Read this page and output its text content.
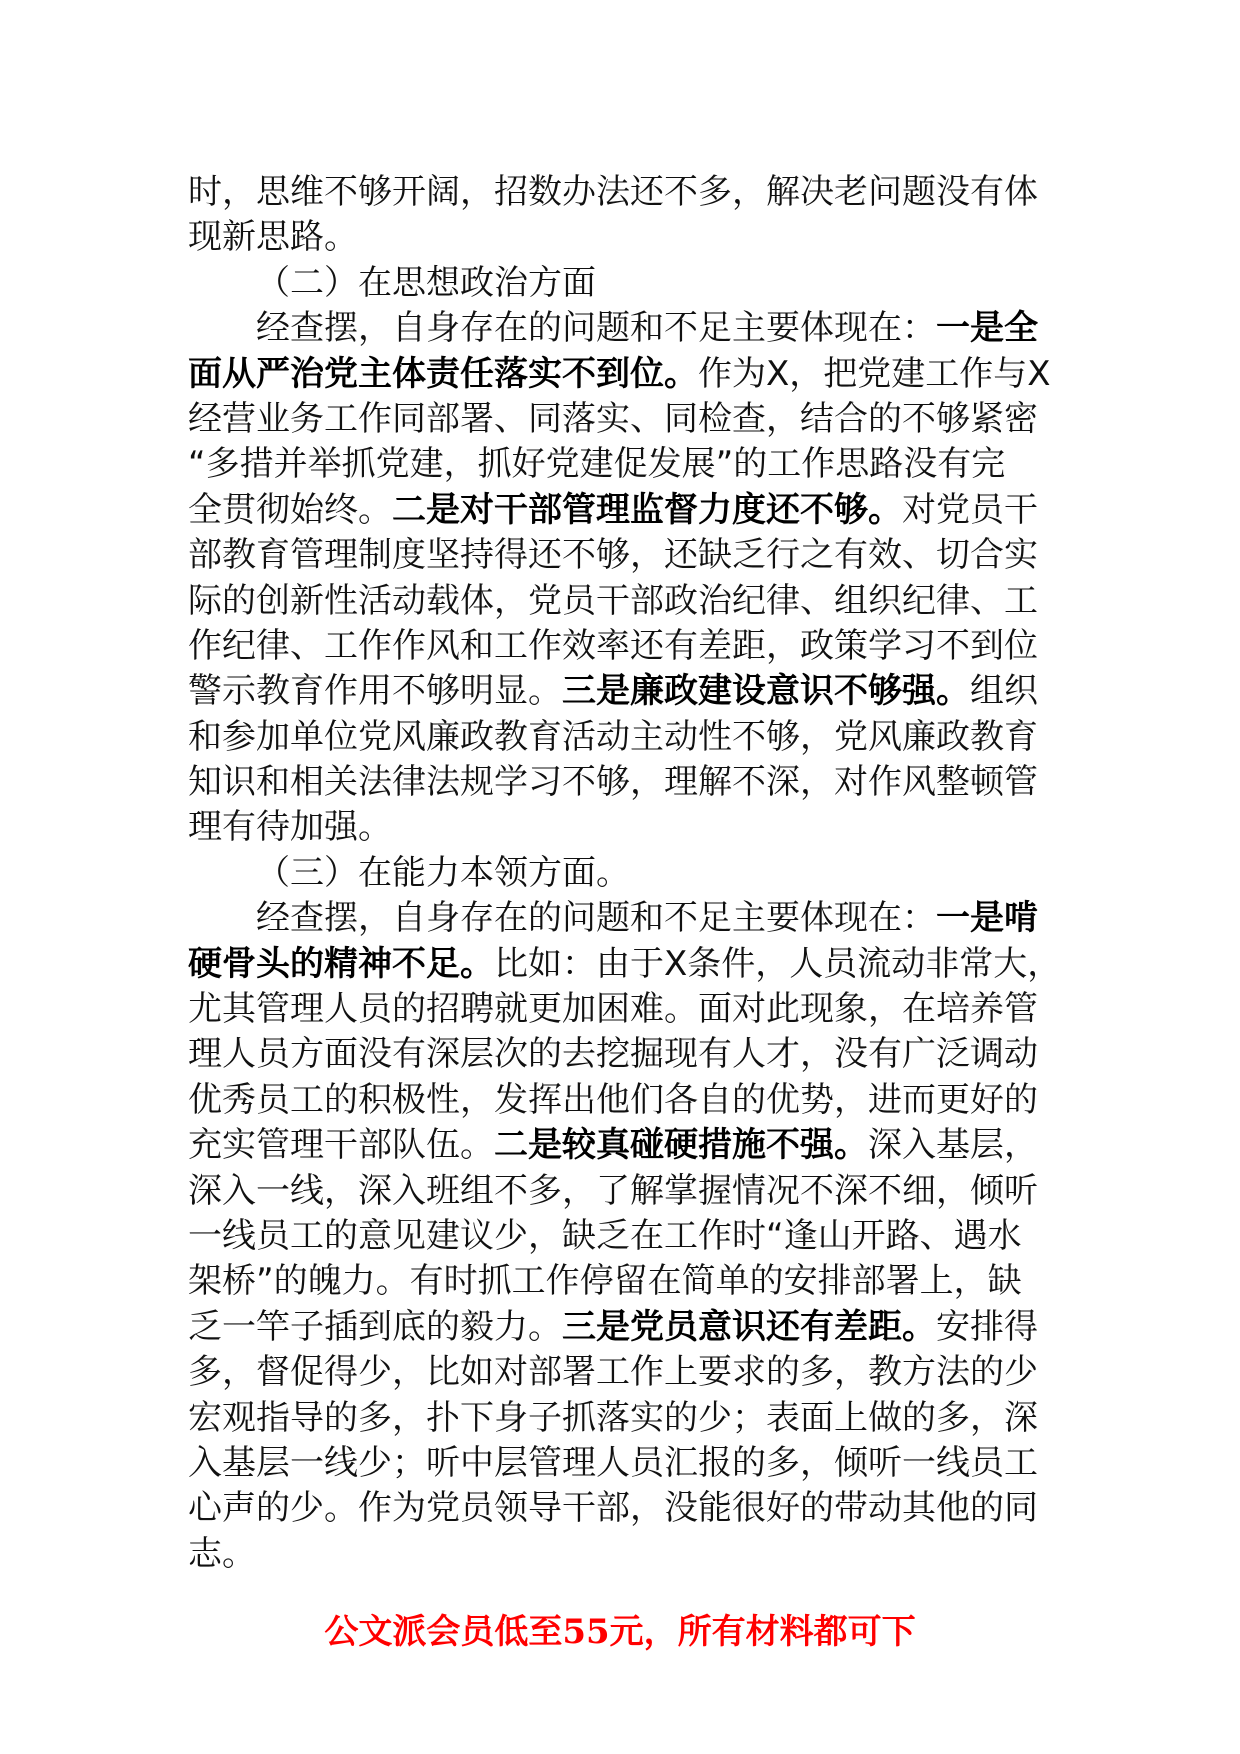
时，思维不够开阔，招数办法还不多，解决老问题没有体
现新思路。
（二）在思想政治方面
经查摆，自身存在的问题和不足主要体现在：一是全
面从严治党主体责任落实不到位。作为X，把党建工作与X
经营业务工作同部署、同落实、同检查，结合的不够紧密
“多措并举抓党建，抓好党建促发展”的工作思路没有完
全贯彻始终。二是对干部管理监督力度还不够。对党员干
部教育管理制度坚持得还不够，还缺乏行之有效、切合实
际的创新性活动载体，党员干部政治纪律、组织纪律、工
作纪律、工作作风和工作效率还有差距，政策学习不到位
警示教育作用不够明显。三是廉政建设意识不够强。组织
和参加单位党风廉政教育活动主动性不够，党风廉政教育
知识和相关法律法规学习不够，理解不深，对作风整顿管
理有待加强。
（三）在能力本领方面。
经查摆，自身存在的问题和不足主要体现在：一是啃
硬骨头的精神不足。比如：由于X条件，人员流动非常大，
尤其管理人员的招聘就更加困难。面对此现象，在培养管
理人员方面没有深层次的去挖掘现有人才，没有广泛调动
优秀员工的积极性，发挥出他们各自的优势，进而更好的
充实管理干部队伍。二是较真碰硬措施不强。深入基层，
深入一线，深入班组不多，了解掌握情况不深不细，倾听
一线员工的意见建议少，缺乏在工作时“逢山开路、遇水
架桥”的魄力。有时抓工作停留在简单的安排部署上，缺
乏一竿子插到底的毅力。三是党员意识还有差距。安排得
多，督促得少，比如对部署工作上要求的多，教方法的少
宏观指导的多，扑下身子抓落实的少；表面上做的多，深
入基层一线少；听中层管理人员汇报的多，倾听一线员工
心声的少。作为党员领导干部，没能很好的带动其他的同
志。
公文派会员低至55元，所有材料都可下
